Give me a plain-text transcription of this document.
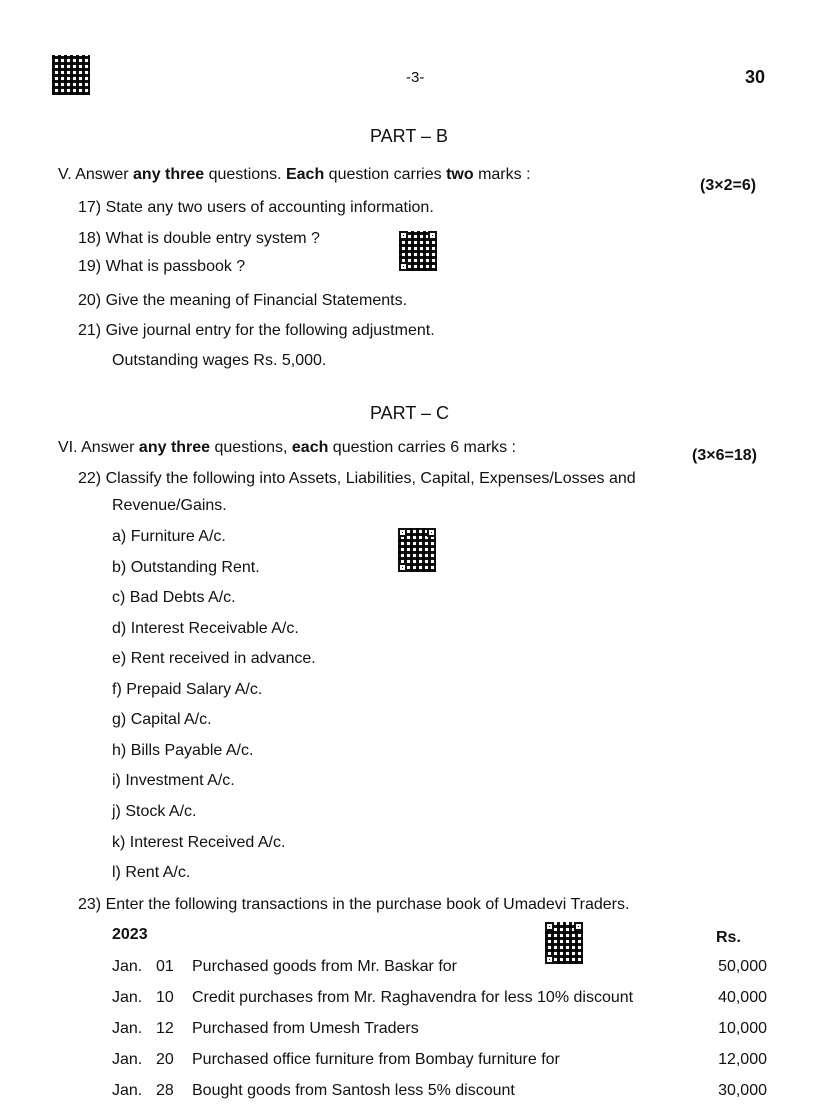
-3-	30
PART – B
V. Answer any three questions. Each question carries two marks :
(3×2=6)
17) State any two users of accounting information.
18) What is double entry system ?
19) What is passbook ?
20) Give the meaning of Financial Statements.
21) Give journal entry for the following adjustment.
Outstanding wages Rs. 5,000.
PART – C
VI. Answer any three questions, each question carries 6 marks :	(3×6=18)
22) Classify the following into Assets, Liabilities, Capital, Expenses/Losses and
Revenue/Gains.
a) Furniture A/c.
b) Outstanding Rent.
c) Bad Debts A/c.
d) Interest Receivable A/c.
e) Rent received in advance.
f) Prepaid Salary A/c.
g) Capital A/c.
h) Bills Payable A/c.
i) Investment A/c.
j) Stock A/c.
k) Interest Received A/c.
l) Rent A/c.
23) Enter the following transactions in the purchase book of Umadevi Traders.
2023	Rs.
Jan. 01 Purchased goods from Mr. Baskar for	50,000
Jan. 10 Credit purchases from Mr. Raghavendra for less 10% discount	40,000
Jan. 12 Purchased from Umesh Traders	10,000
Jan. 20 Purchased office furniture from Bombay furniture for	12,000
Jan. 28 Bought goods from Santosh less 5% discount	30,000
